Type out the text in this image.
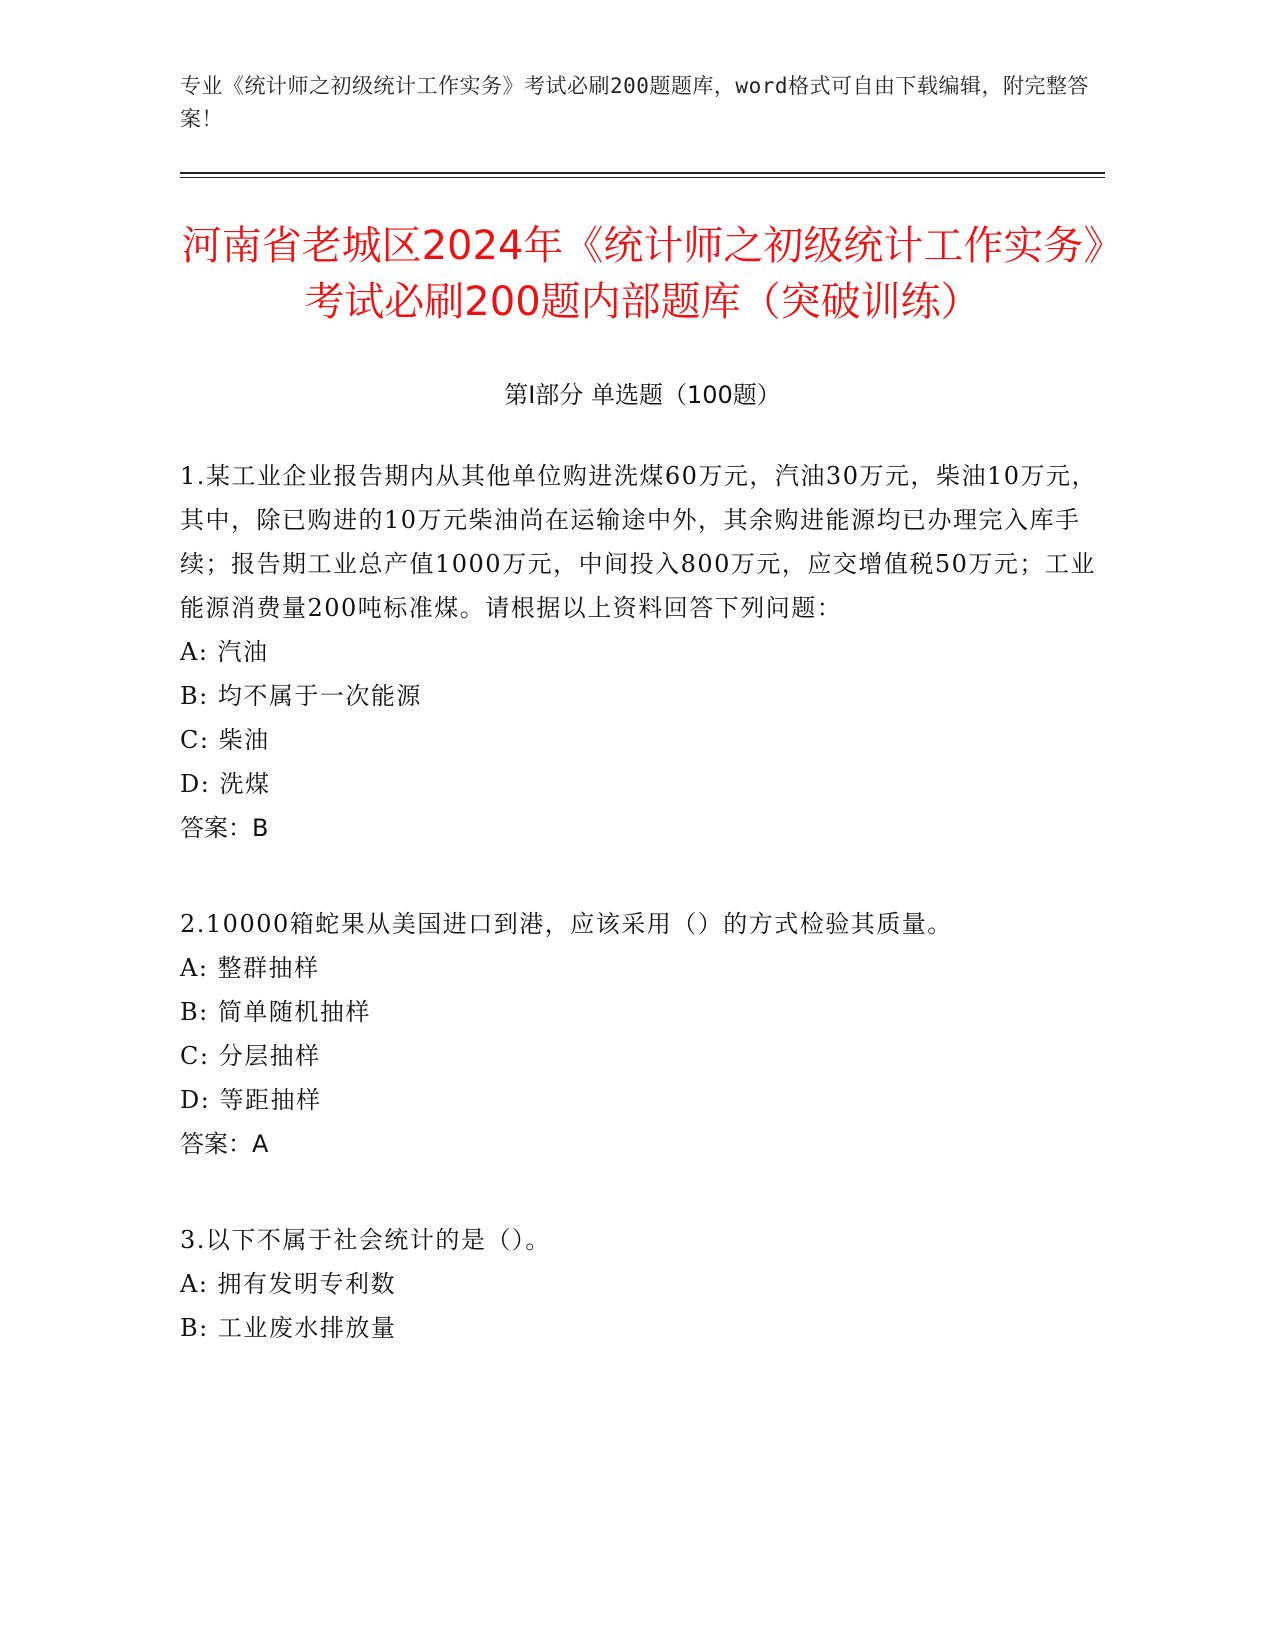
专业《统计师之初级统计工作实务》考试必刷200题题库，word格式可自由下载编辑，附完整答案！
河南省老城区2024年《统计师之初级统计工作实务》考试必刷200题内部题库（突破训练）
第I部分 单选题（100题）
1.某工业企业报告期内从其他单位购进洗煤60万元，汽油30万元，柴油10万元，其中，除已购进的10万元柴油尚在运输途中外，其余购进能源均已办理完入库手续；报告期工业总产值1000万元，中间投入800万元，应交增值税50万元；工业能源消费量200吨标准煤。请根据以上资料回答下列问题：
A: 汽油
B: 均不属于一次能源
C: 柴油
D: 洗煤
答案：B
2.10000箱蛇果从美国进口到港，应该采用（）的方式检验其质量。
A: 整群抽样
B: 简单随机抽样
C: 分层抽样
D: 等距抽样
答案：A
3.以下不属于社会统计的是（）。
A: 拥有发明专利数
B: 工业废水排放量
